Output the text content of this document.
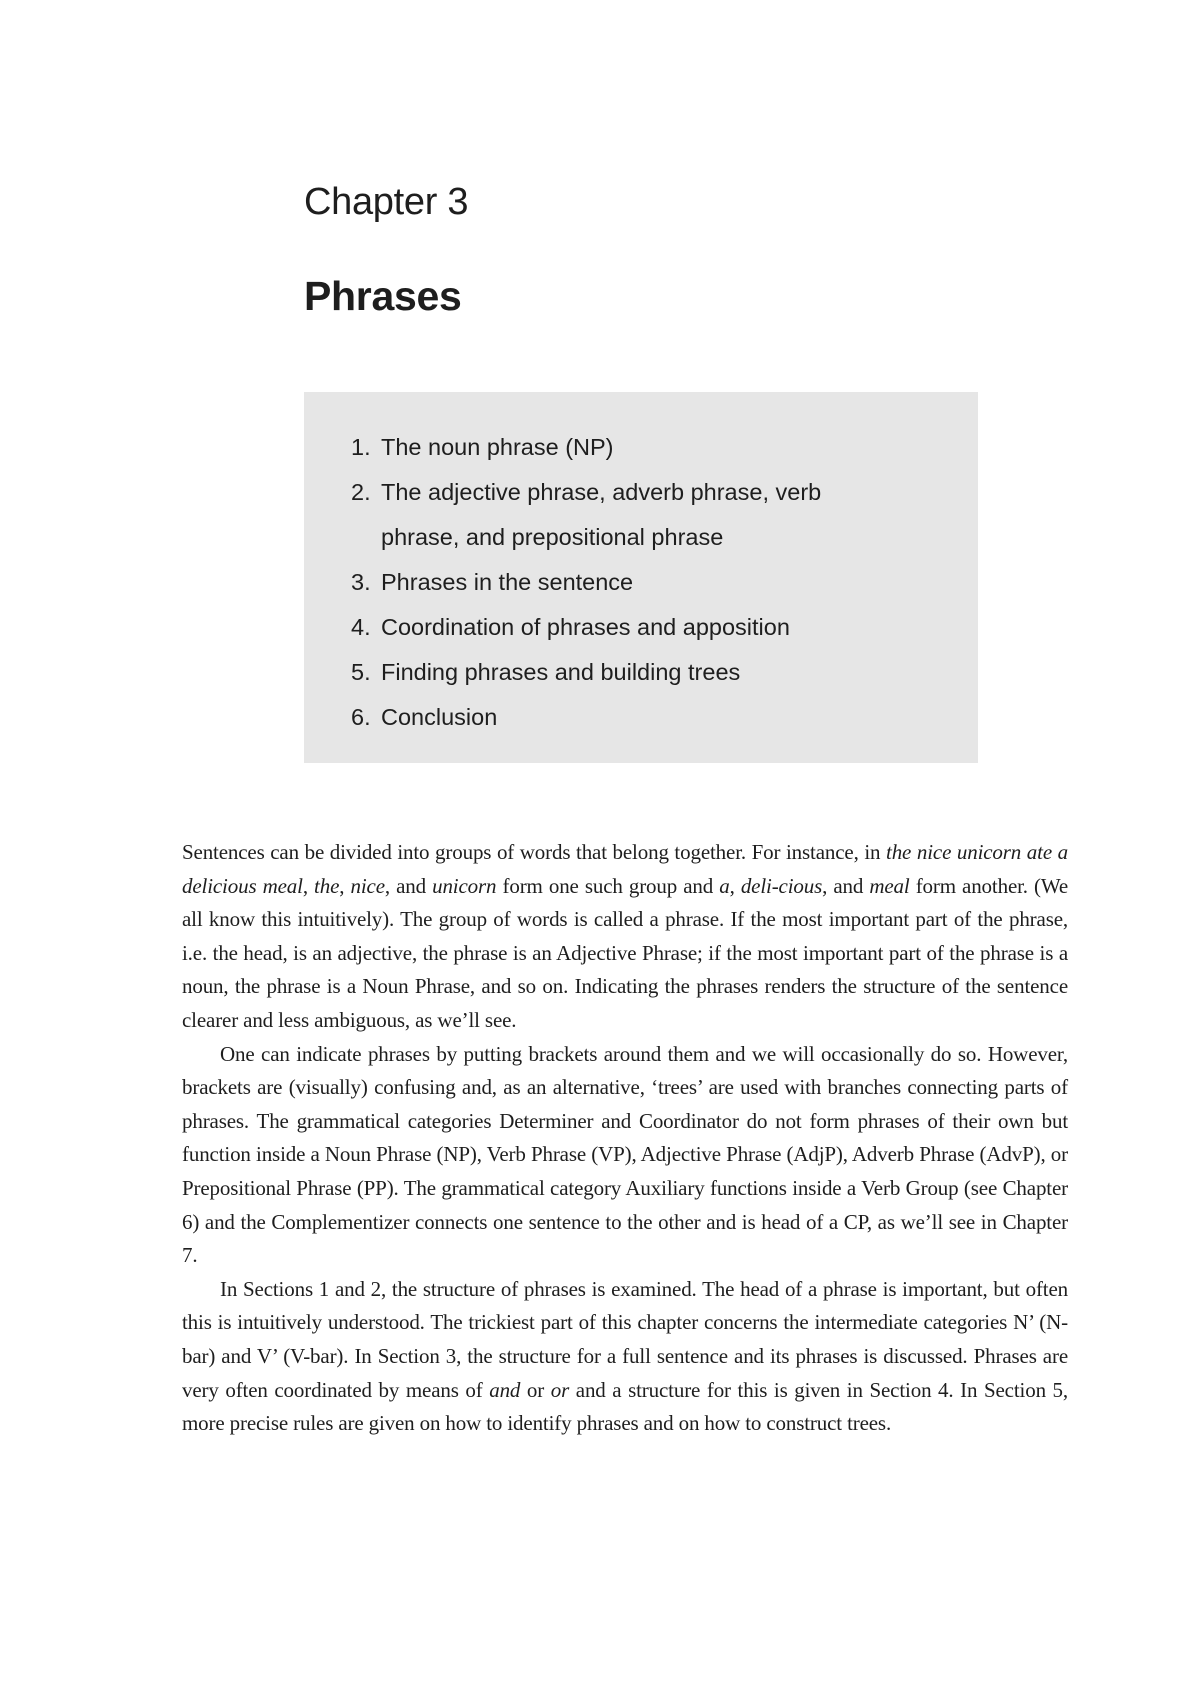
Chapter 3
Phrases
1. The noun phrase (NP)
2. The adjective phrase, adverb phrase, verb phrase, and prepositional phrase
3. Phrases in the sentence
4. Coordination of phrases and apposition
5. Finding phrases and building trees
6. Conclusion

Sentences can be divided into groups of words that belong together. For instance, in the nice unicorn ate a delicious meal, the, nice, and unicorn form one such group and a, deli-cious, and meal form another. (We all know this intuitively). The group of words is called a phrase. If the most important part of the phrase, i.e. the head, is an adjective, the phrase is an Adjective Phrase; if the most important part of the phrase is a noun, the phrase is a Noun Phrase, and so on. Indicating the phrases renders the structure of the sentence clearer and less ambiguous, as we’ll see.

One can indicate phrases by putting brackets around them and we will occasionally do so. However, brackets are (visually) confusing and, as an alternative, ‘trees’ are used with branches connecting parts of phrases. The grammatical categories Determiner and Coordinator do not form phrases of their own but function inside a Noun Phrase (NP), Verb Phrase (VP), Adjective Phrase (AdjP), Adverb Phrase (AdvP), or Prepositional Phrase (PP). The grammatical category Auxiliary functions inside a Verb Group (see Chapter 6) and the Complementizer connects one sentence to the other and is head of a CP, as we’ll see in Chapter 7.

In Sections 1 and 2, the structure of phrases is examined. The head of a phrase is important, but often this is intuitively understood. The trickiest part of this chapter concerns the intermediate categories N’ (N-bar) and V’ (V-bar). In Section 3, the structure for a full sentence and its phrases is discussed. Phrases are very often coordinated by means of and or or and a structure for this is given in Section 4. In Section 5, more precise rules are given on how to identify phrases and on how to construct trees.
